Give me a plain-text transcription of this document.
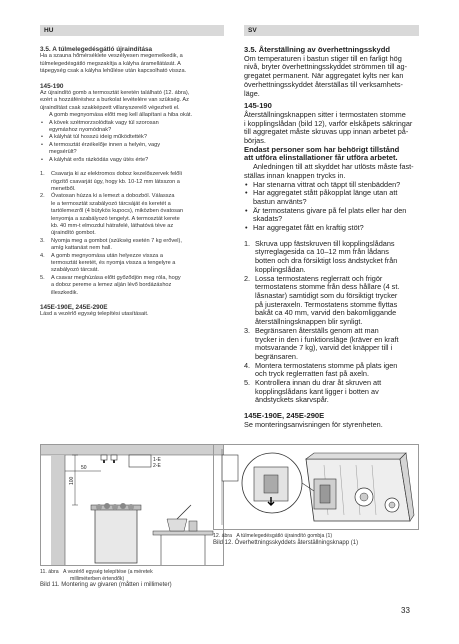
HU	SV
3.5. A túlmelegedésgátló újraindítása
Ha a szauna hőmérséklete veszélyesen megemelkedik, a
túlmelegedésgátló megszakítja a kályha áramellátását. A
tápegység csak a kályha lehűlése után kapcsolható vissza.
145-190
Az újraindító gomb a termosztát keretén található (12. ábra),
ezért a hozzáféréshez a burkolat levételére van szükség. Az
újraindítást csak szakképzett villanyszerelő végezheti el.
A gomb megnyomása előtt meg kell állapítani a hiba okát.
• A kövek szétmorzsolódtak vagy túl szorosan
egymáshoz nyomódnak?
• A kályhát túl hosszú ideig működtették?
• A termosztát érzékelője innen a helyén, vagy
megsérült?
• A kályhát erős rázkódás vagy ütés érte?
1. Csavarja ki az elektromos doboz kezelőszervek felőli
rögzítő csavarját úgy, hogy kb. 10-12 mm látsszon a
menetből.
2. Óvatosan húzza ki a lemezt a dobozból. Válassza
le a termosztát szabályozó tárcsáját és keretét a
tartólemezről (4 bütykös kupocs), miközben óvatosan
lenyomja a szabályozó tengelyt. A termosztát kerete
kb. 40 mm-t elmozdul hátrafelé, láthatóvá téve az
újraindító gombot.
3. Nyomja meg a gombot (szükség esetén 7 kg erővel),
amíg kattanást nem hall.
4. A gomb megnyomása után helyezze vissza a
termosztát keretét, és nyomja vissza a tengelyre a
szabályozó tárcsát.
5. A csavar meghúzása előtt győződjön meg róla, hogy
a doboz pereme a lemez alján lévő bordázáshoz
illeszkedik.
145E-190E, 245E-290E
Lásd a vezérlő egység telepítési utasításait.
3.5. Återställning av överhettningsskydd
Om temperaturen i bastun stiger till en farligt hög
nivå, bryter överhettningsskyddet strömmen till ag-
gregatet permanent. När aggregatet kylts ner kan
överhettningsskyddet återställas till verksamhets-
läge.
145-190
Återställningsknappen sitter i termostaten stomme
i kopplingslådan (bild 12), varför elskåpets säkringar
till aggregatet måste skruvas upp innan arbetet på-
börjas.
Endast personer som har behörigt tillstånd
att utföra elinstallationer får utföra arbetet.
Anledningen till att skyddet har utlösts måste fast-
ställas innan knappen trycks in.
• Har stenarna vittrat och täppt till stenbädden?
• Har aggregatet stått påkopplat länge utan att
bastun använts?
• Är termostatens givare på fel plats eller har den
skadats?
• Har aggregatet fått en kraftig stöt?
1. Skruva upp fästskruven till kopplingslådans
styrreglagesida ca 10–12 mm från lådans
botten och dra försiktigt loss ändstycket från
kopplingslådan.
2. Lossa termostatens reglerratt och frigör
termostatens stomme från dess hållare (4 st.
låsnastar) samtidigt som du försiktigt trycker
på justeraxeln. Termostatens stomme flyttas
bakåt ca 40 mm, varvid den bakomliggande
återställningsknappen blir synligt.
3. Begränsaren återställs genom att man
trycker in den i funktionsläge (kräver en kraft
motsvarande 7 kg), varvid det knäpper till i
begränsaren.
4. Montera termostatens stomme på plats igen
och tryck reglerratten fast på axeln.
5. Kontrollera innan du drar åt skruven att
kopplingslådans kant ligger i botten av
ändstyckets skarvspår.
145E-190E, 245E-290E
Se monteringsanvisningen för styrenheten.
1-E
2-E
100
50
11. ábra A vezérlő egység telepítése (a méretek
milliméterben értendők)
Bild 11. Montering av givaren (måtten i millimeter)
12. ábra A túlmelegedésgátló újraindító gombja (1)
Bild 12. Överhettningsskyddets återställningsknapp (1)
33
